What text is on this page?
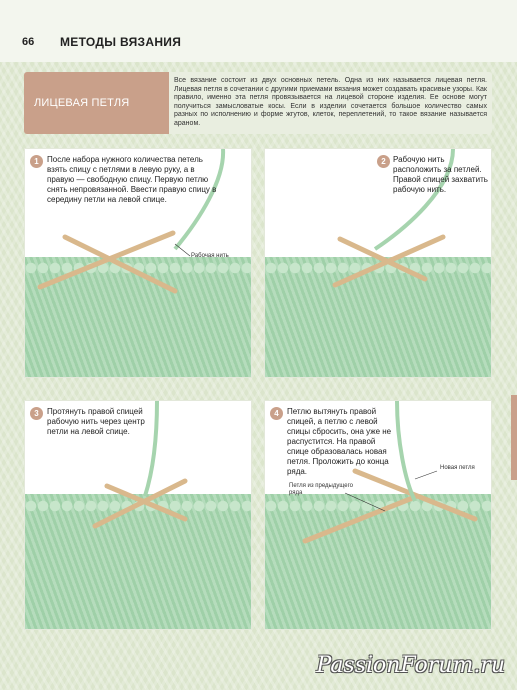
66 МЕТОДЫ ВЯЗАНИЯ
ЛИЦЕВАЯ ПЕТЛЯ
Все вязание состоит из двух основных петель. Одна из них называется лицевая петля. Лицевая петля в сочетании с другими приемами вязания может создавать красивые узоры. Как правило, именно эта петля провязывается на лицевой стороне изделия. Ее основе могут получиться замысловатые косы. Если в изделии сочетается большое количество самых разных по исполнению и форме жгутов, клеток, переплетений, то такое вязание называется араном.
1	После набора нужного количества петель взять спицу с петлями в левую руку, а в правую — свободную спицу. Первую петлю снять непровязанной. Ввести правую спицу в середину петли на левой спице.
Рабочая нить
2 Рабочую нить расположить за петлей. Правой спицей захватить рабочую нить.
3	Протянуть правой спицей рабочую нить через центр петли на левой спице.
4	Петлю вытянуть правой спицей, а петлю с левой спицы сбросить, она уже не распустится. На правой спице образовалась новая петля. Проложить до конца ряда.	Новая петля
Петля из предыдущего ряда
PassionForum.ru
